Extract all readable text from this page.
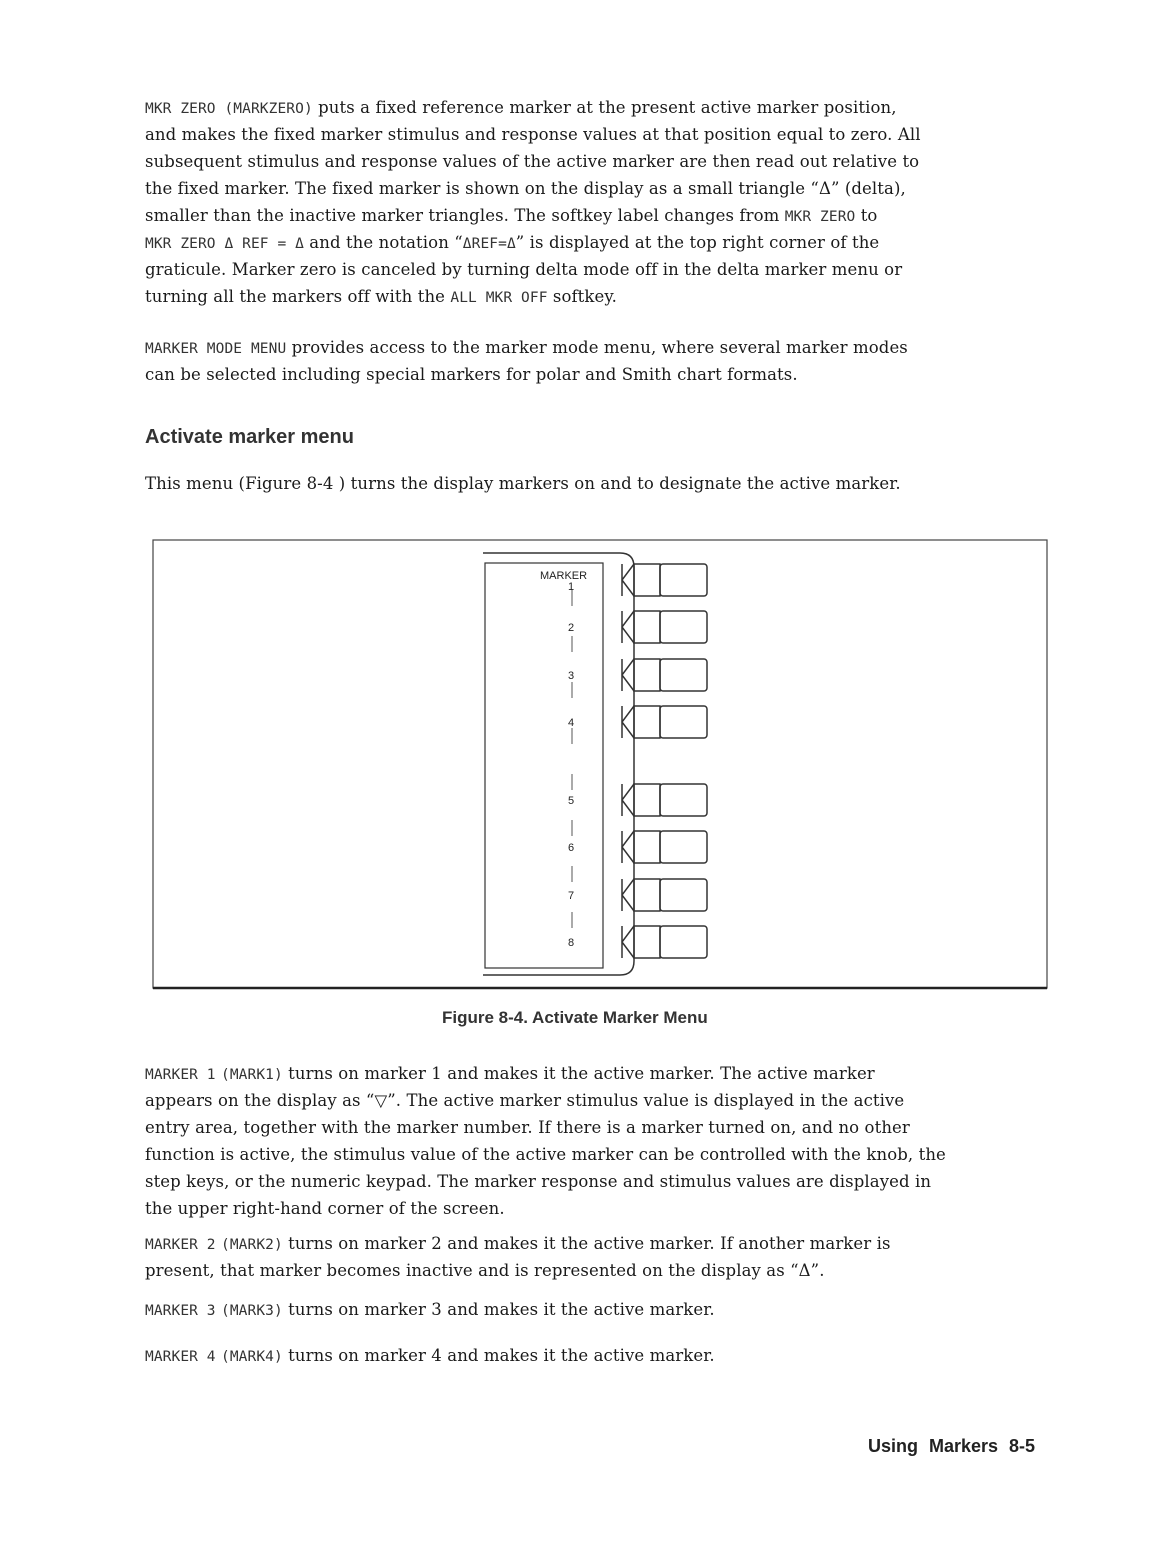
MKR ZERO (MARKZERO) puts a fixed reference marker at the present active marker position,
and makes the fixed marker stimulus and response values at that position equal to zero. All
subsequent stimulus and response values of the active marker are then read out relative to
the fixed marker. The fixed marker is shown on the display as a small triangle “Δ” (delta),
smaller than the inactive marker triangles. The softkey label changes from MKR ZERO to
MKR ZERO Δ REF = Δ and the notation “ΔREF=Δ” is displayed at the top right corner of the
graticule. Marker zero is canceled by turning delta mode off in the delta marker menu or
turning all the markers off with the ALL MKR OFF softkey.
MARKER MODE MENU provides access to the marker mode menu, where several marker modes
can be selected including special markers for polar and Smith chart formats.
This menu (Figure 8-4 ) turns the display markers on and to designate the active marker.
MARKER 1 (MARK1) turns on marker 1 and makes it the active marker. The active marker
appears on the display as “▽”. The active marker stimulus value is displayed in the active
entry area, together with the marker number. If there is a marker turned on, and no other
function is active, the stimulus value of the active marker can be controlled with the knob, the
step keys, or the numeric keypad. The marker response and stimulus values are displayed in
the upper right-hand corner of the screen.
MARKER 2 (MARK2) turns on marker 2 and makes it the active marker. If another marker is
present, that marker becomes inactive and is represented on the display as “Δ”.
MARKER 3 (MARK3) turns on marker 3 and makes it the active marker.
MARKER 4 (MARK4) turns on marker 4 and makes it the active marker.
Activate marker menu
MARKER
1
2
3
4
5
6
7
8
Figure 8-4. Activate Marker Menu
Using Markers 8-5
